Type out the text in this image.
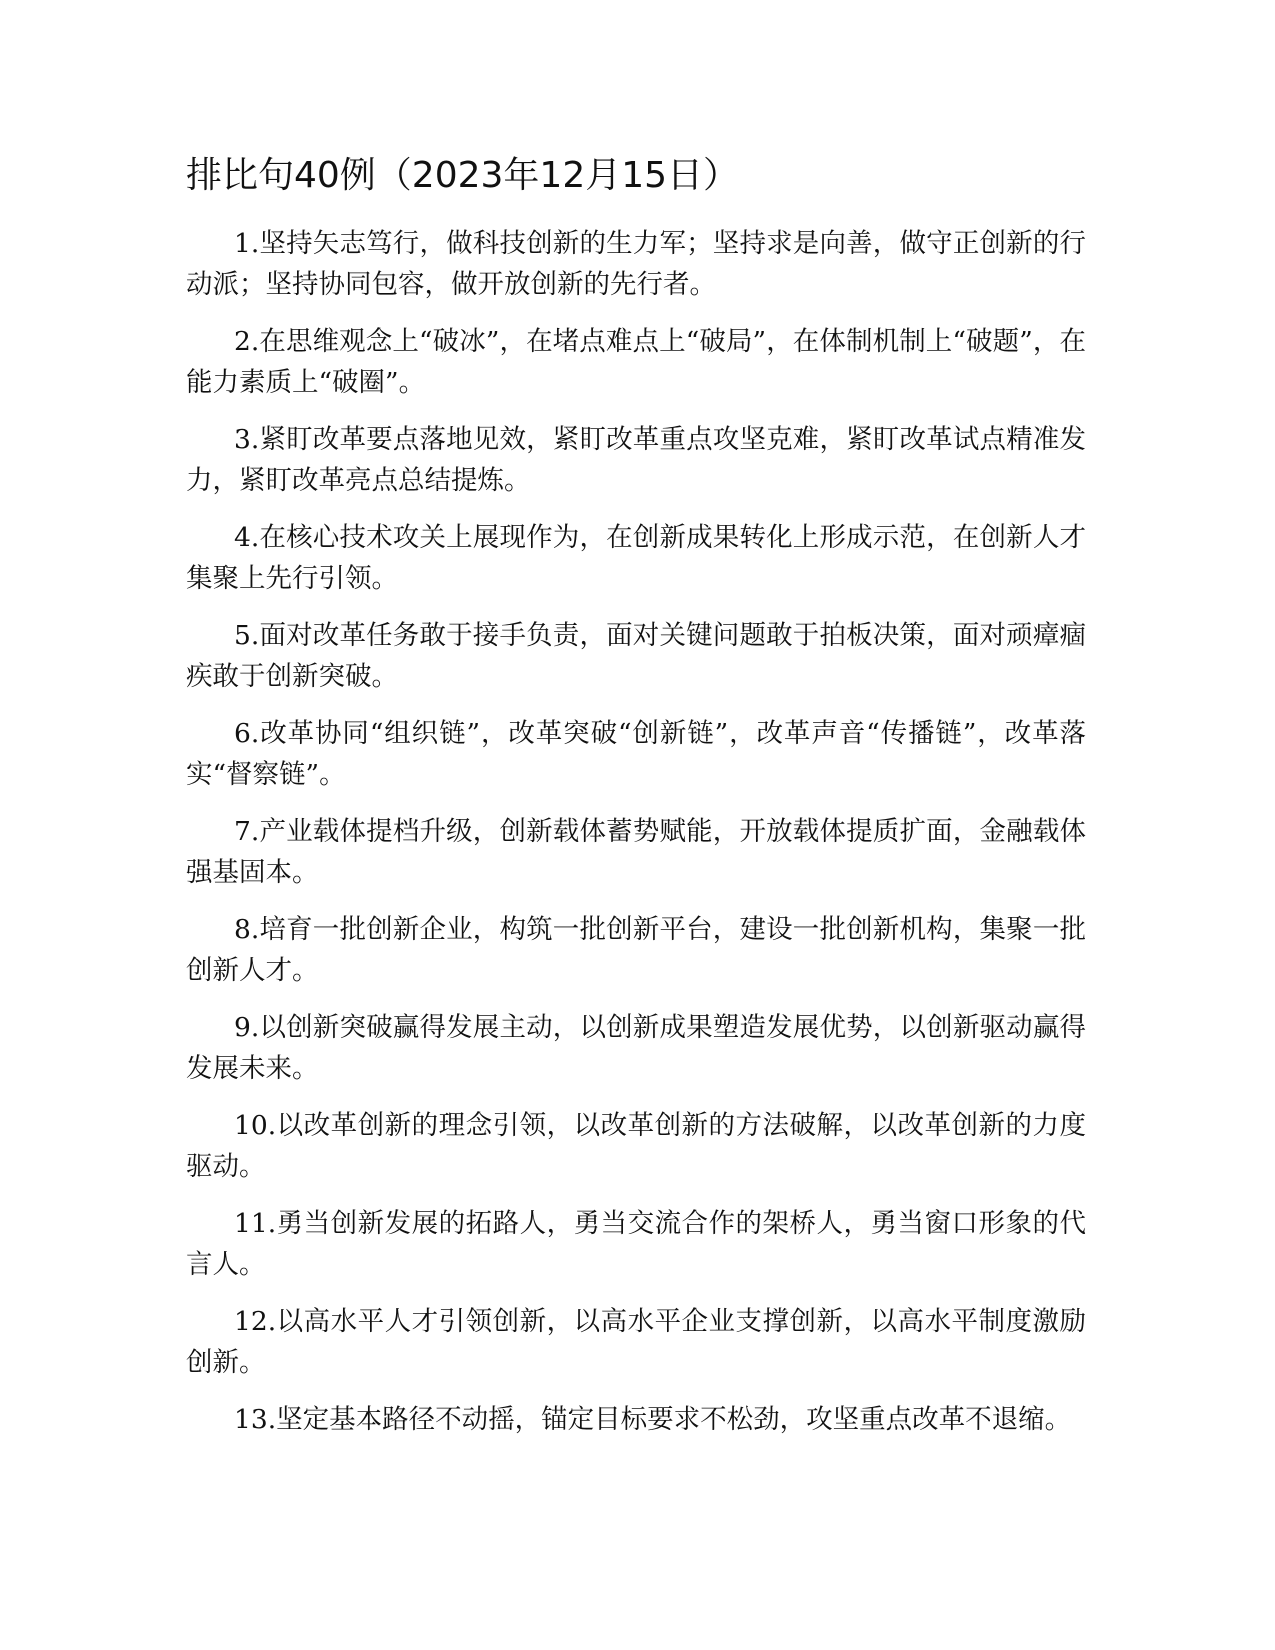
排比句40例（2023年12月15日）

1.坚持矢志笃行，做科技创新的生力军；坚持求是向善，做守正创新的行动派；坚持协同包容，做开放创新的先行者。

2.在思维观念上“破冰”，在堵点难点上“破局”，在体制机制上“破题”，在能力素质上“破圈”。

3.紧盯改革要点落地见效，紧盯改革重点攻坚克难，紧盯改革试点精准发力，紧盯改革亮点总结提炼。

4.在核心技术攻关上展现作为，在创新成果转化上形成示范，在创新人才集聚上先行引领。

5.面对改革任务敢于接手负责，面对关键问题敢于拍板决策，面对顽瘴痼疾敢于创新突破。

6.改革协同“组织链”，改革突破“创新链”，改革声音“传播链”，改革落实“督察链”。

7.产业载体提档升级，创新载体蓄势赋能，开放载体提质扩面，金融载体强基固本。

8.培育一批创新企业，构筑一批创新平台，建设一批创新机构，集聚一批创新人才。

9.以创新突破赢得发展主动，以创新成果塑造发展优势，以创新驱动赢得发展未来。

10.以改革创新的理念引领，以改革创新的方法破解，以改革创新的力度驱动。

11.勇当创新发展的拓路人，勇当交流合作的架桥人，勇当窗口形象的代言人。

12.以高水平人才引领创新，以高水平企业支撑创新，以高水平制度激励创新。

13.坚定基本路径不动摇，锚定目标要求不松劲，攻坚重点改革不退缩。
